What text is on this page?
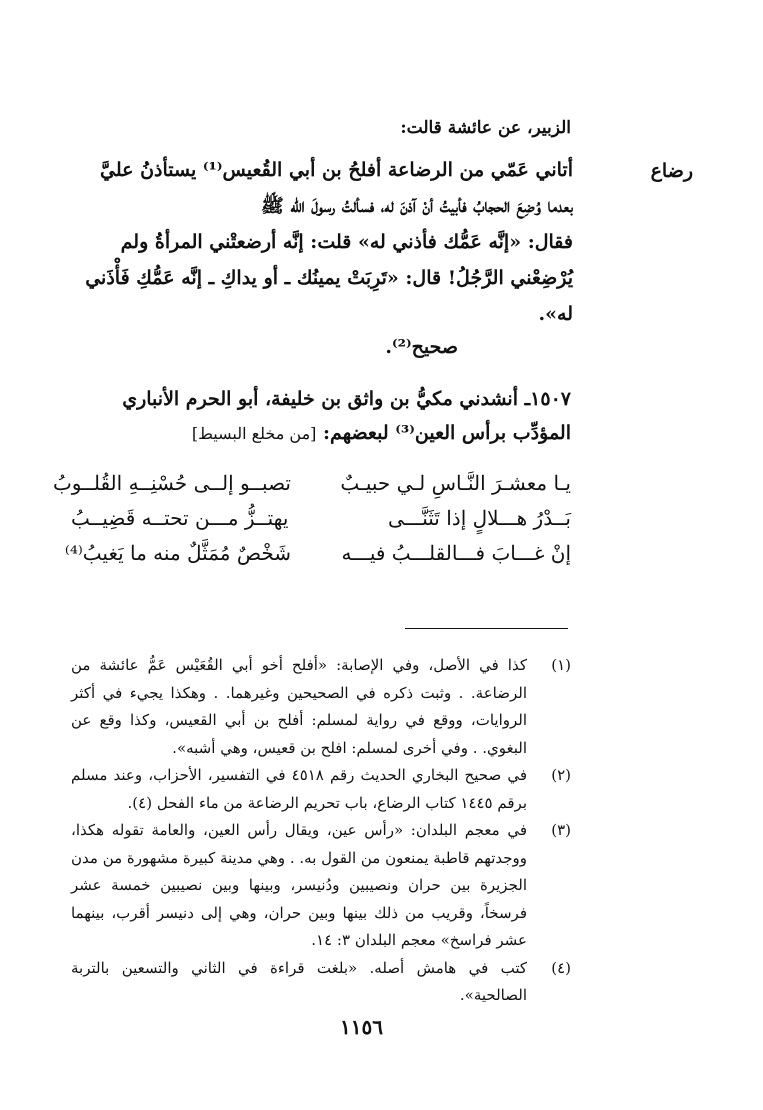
الزبير، عن عائشة قالت:
رضاع

أتاني عَمّي من الرضاعة أفلحُ بن أبي القُعيس⁽¹⁾ يستأذنُ عليَّ

بعدما وُضِعَ الحجابُ فأبيتُ أنْ آذنَ له، فسألتُ رسولَ الله ﷺ

فقال: «إنَّه عَمُّك فأذني له» قلت: إنَّه أرضعتْني المرأةُ ولم

يُرْضِعْني الرَّجُلُ! قال: «تَرِبَتْ يمينُك ـ أو يداكِ ـ إنَّه عَمُّكِ فَأْذَني

له».

صحيح⁽²⁾.

١٥٠٧ـ أنشدني مكيُّ بن واثق بن خليفة، أبو الحرم الأنباري

المؤدِّب برأس العين⁽³⁾ لبعضهم: [من مخلع البسيط]

يـا معشـرَ النَّـاسِ لـي حبيـبٌ
تصبــو إلــى حُسْنِــهِ القُلــوبُ
بَــدْرُ هـــلالٍ إذا تَثَنَّـــى
يهتــزُّ مـــن تحتــه قَضِيــبُ
إنْ غـــابَ فـــالقلـــبُ فيـــه
شَخْصٌ مُمَثَّلٌ منه ما يَغيبُ⁽⁴⁾
(١)
كذا في الأصل، وفي الإصابة: «أفلح أخو أبي القُعَيْس عَمُّ عائشة من الرضاعة. . وثبت ذكره في الصحيحين وغيرهما. . وهكذا يجيء في أكثر الروايات، ووقع في رواية لمسلم: أفلح بن أبي القعيس، وكذا وقع عن البغوي. . وفي أخرى لمسلم: افلح بن قعيس، وهي أشبه».
(٢)
في صحيح البخاري الحديث رقم ٤٥١٨ في التفسير، الأحزاب، وعند مسلم برقم ١٤٤٥ كتاب الرضاع، باب تحريم الرضاعة من ماء الفحل (٤).
(٣)
في معجم البلدان: «رأس عين، ويقال رأس العين، والعامة تقوله هكذا، ووجدتهم قاطبة يمنعون من القول به. . وهي مدينة كبيرة مشهورة من مدن الجزيرة بين حران ونصيبين ودُنيسر، وبينها وبين نصيبين خمسة عشر فرسخاً، وقريب من ذلك بينها وبين حران، وهي إلى دنيسر أقرب، بينهما عشر فراسخ» معجم البلدان ٣: ١٤.
(٤)
كتب في هامش أصله. «بلغت قراءة في الثاني والتسعين بالتربة الصالحية».
١١٥٦
